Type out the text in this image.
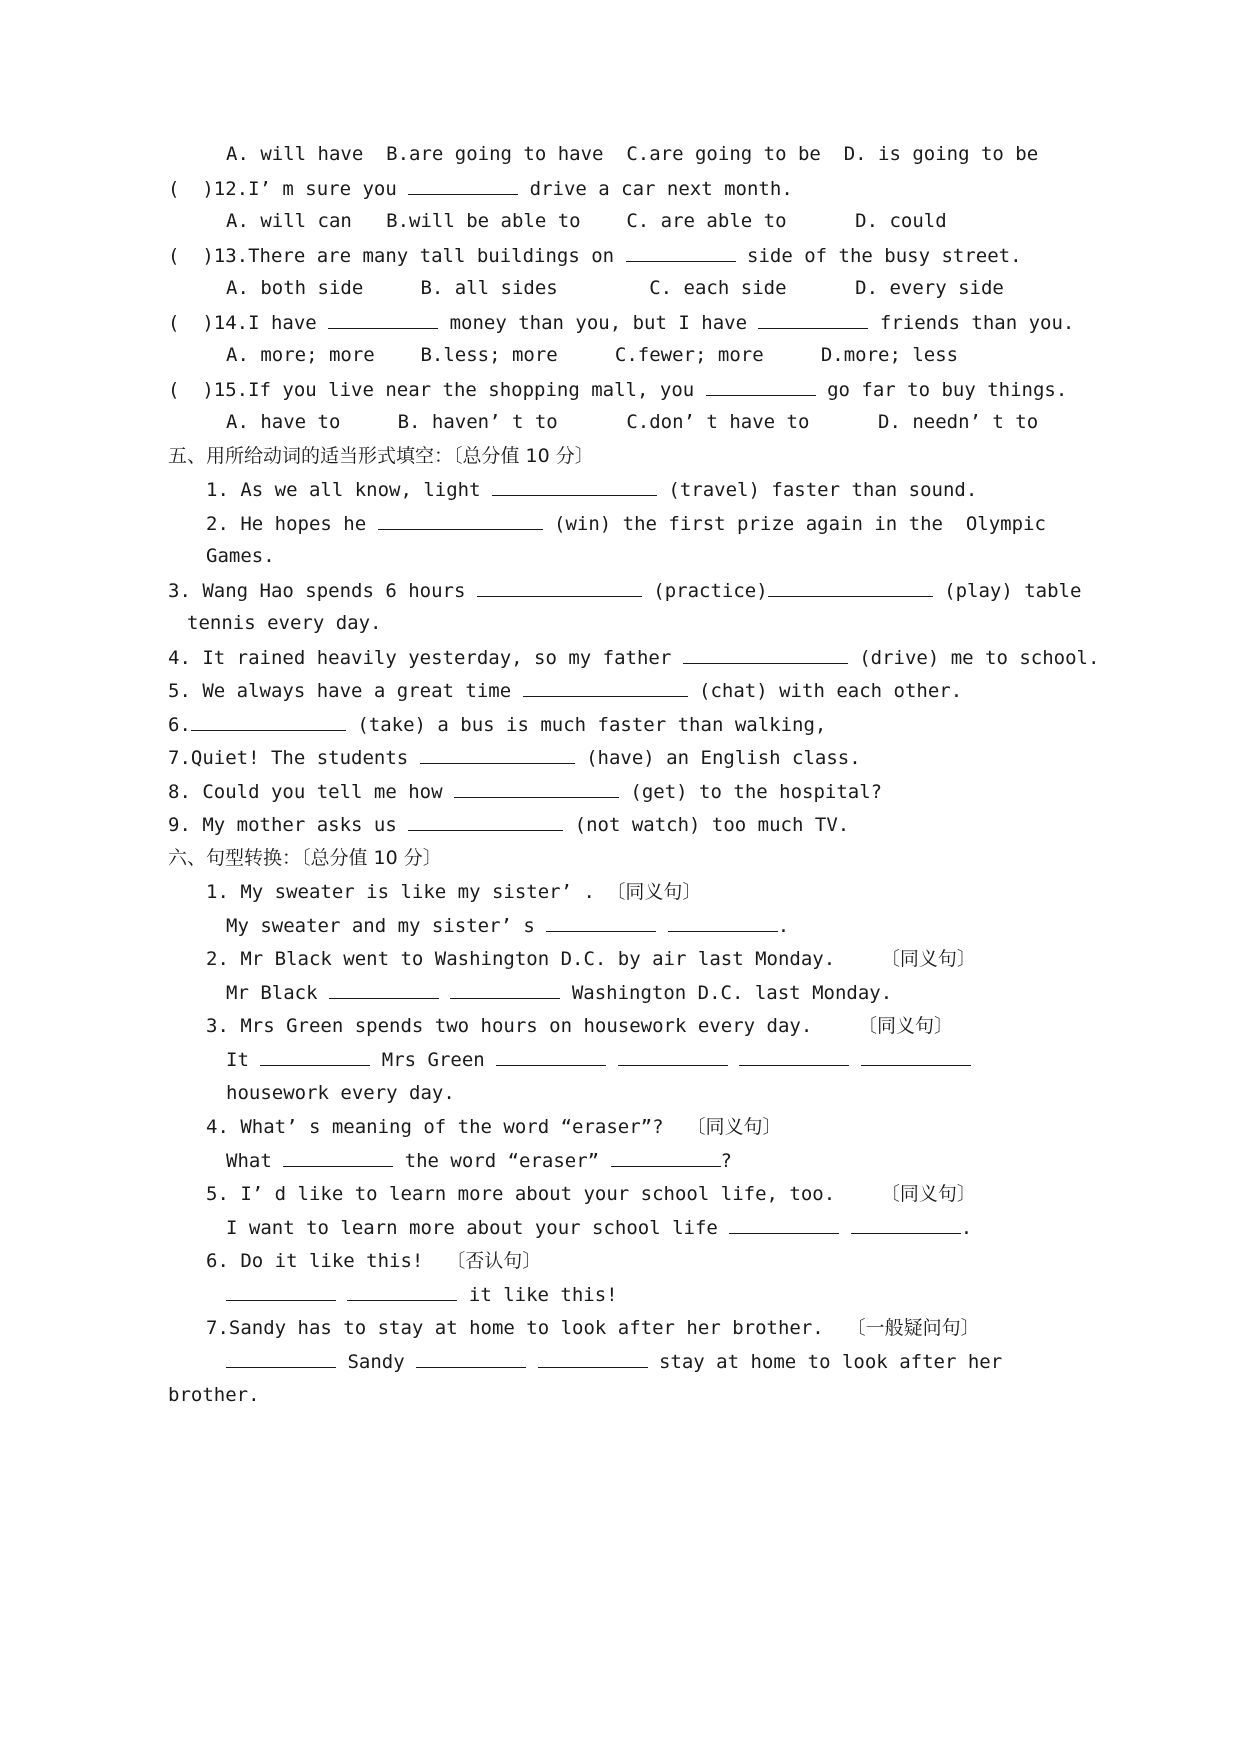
A. will have  B.are going to have  C.are going to be  D. is going to be
(  )12.I’ m sure you	drive a car next month.
A. will can   B.will be able to    C. are able to      D. could
(  )13.There are many tall buildings on	side of the busy street.
A. both side     B. all sides        C. each side      D. every side
(  )14.I have	money than you, but I have	friends than you.
A. more; more    B.less; more     C.fewer; more     D.more; less
(  )15.If you live near the shopping mall, you	go far to buy things.
A. have to     B. haven’ t to      C.don’ t have to      D. needn’ t to
五、用所给动词的适当形式填空：〔总分值 10 分〕
1. As we all know, light	(travel) faster than sound.
2. He hopes he	(win) the first prize again in the  Olympic
Games.
3. Wang Hao spends 6 hours	(practice)	(play) table
tennis every day.
4. It rained heavily yesterday, so my father	(drive) me to school.
5. We always have a great time	(chat) with each other.
6.	(take) a bus is much faster than walking,
7.Quiet! The students	(have) an English class.
8. Could you tell me how	(get) to the hospital?
9. My mother asks us	(not watch) too much TV.
六、句型转换：〔总分值 10 分〕
1. My sweater is like my sister’ . 〔同义句〕
My sweater and my sister’ s	.
2. Mr Black went to Washington D.C. by air last Monday.    〔同义句〕
Mr Black	Washington D.C. last Monday.
3. Mrs Green spends two hours on housework every day.    〔同义句〕
It	Mrs Green
housework every day.
4. What’ s meaning of the word “eraser”?  〔同义句〕
What	the word “eraser”	?
5. I’ d like to learn more about your school life, too.    〔同义句〕
I want to learn more about your school life	.
6. Do it like this!  〔否认句〕
it like this!
7.Sandy has to stay at home to look after her brother.  〔一般疑问句〕
Sandy	stay at home to look after her
brother.
